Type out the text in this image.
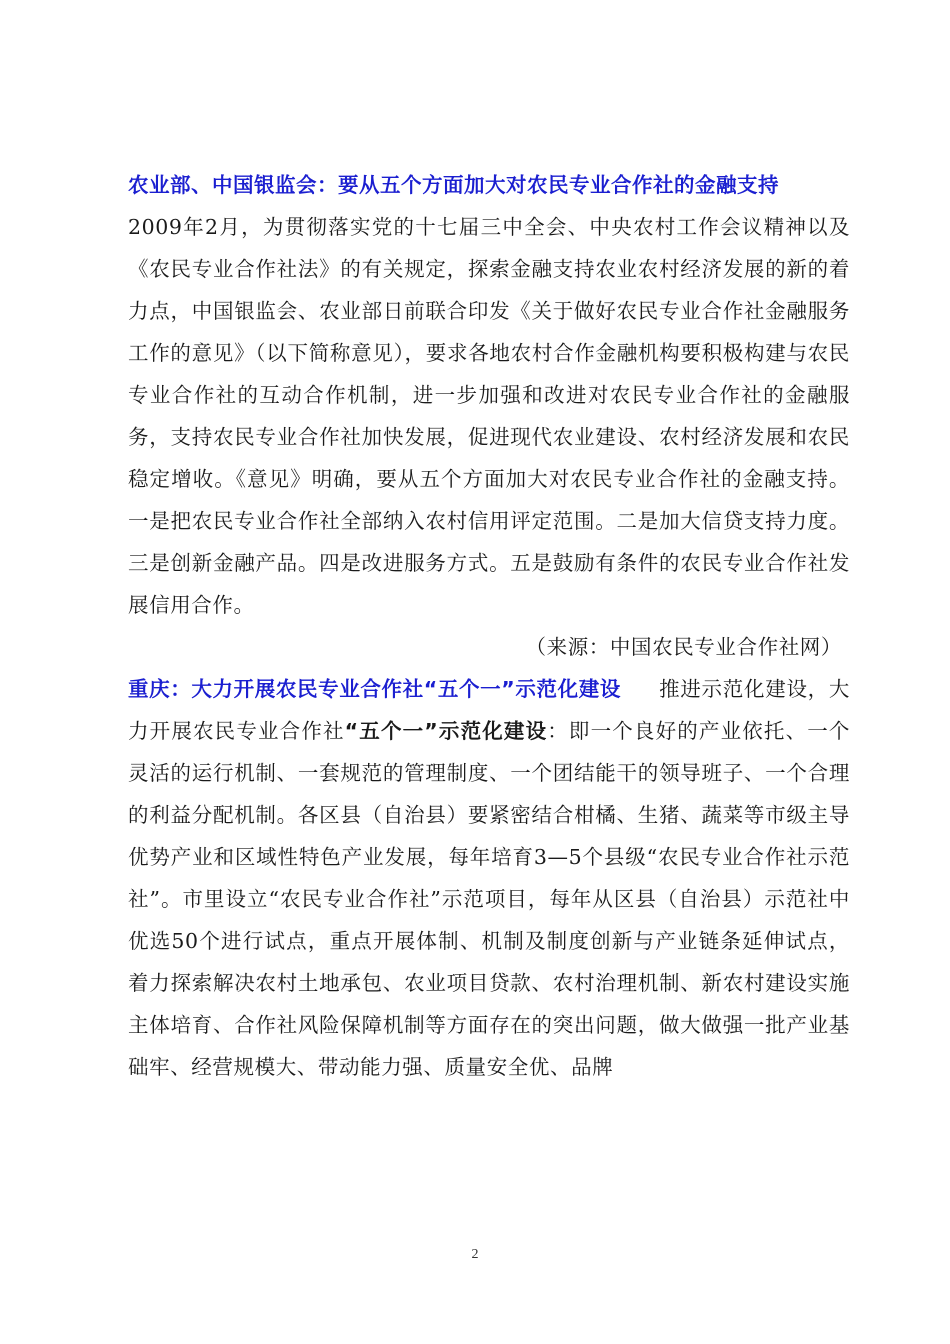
农业部、中国银监会：要从五个方面加大对农民专业合作社的金融支持
2009年2月，为贯彻落实党的十七届三中全会、中央农村工作会议精神以及《农民专业合作社法》的有关规定，探索金融支持农业农村经济发展的新的着力点，中国银监会、农业部日前联合印发《关于做好农民专业合作社金融服务工作的意见》（以下简称意见），要求各地农村合作金融机构要积极构建与农民专业合作社的互动合作机制，进一步加强和改进对农民专业合作社的金融服务，支持农民专业合作社加快发展，促进现代农业建设、农村经济发展和农民稳定增收。《意见》明确，要从五个方面加大对农民专业合作社的金融支持。一是把农民专业合作社全部纳入农村信用评定范围。二是加大信贷支持力度。三是创新金融产品。四是改进服务方式。五是鼓励有条件的农民专业合作社发展信用合作。

（来源：中国农民专业合作社网）

重庆：大力开展农民专业合作社“五个一”示范化建设 推进示范化建设，大力开展农民专业合作社“五个一”示范化建设：即一个良好的产业依托、一个灵活的运行机制、一套规范的管理制度、一个团结能干的领导班子、一个合理的利益分配机制。各区县（自治县）要紧密结合柑橘、生猪、蔬菜等市级主导优势产业和区域性特色产业发展，每年培育3—5个县级“农民专业合作社示范社”。市里设立“农民专业合作社”示范项目，每年从区县（自治县）示范社中优选50个进行试点，重点开展体制、机制及制度创新与产业链条延伸试点，着力探索解决农村土地承包、农业项目贷款、农村治理机制、新农村建设实施主体培育、合作社风险保障机制等方面存在的突出问题，做大做强一批产业基础牢、经营规模大、带动能力强、质量安全优、品牌

2
